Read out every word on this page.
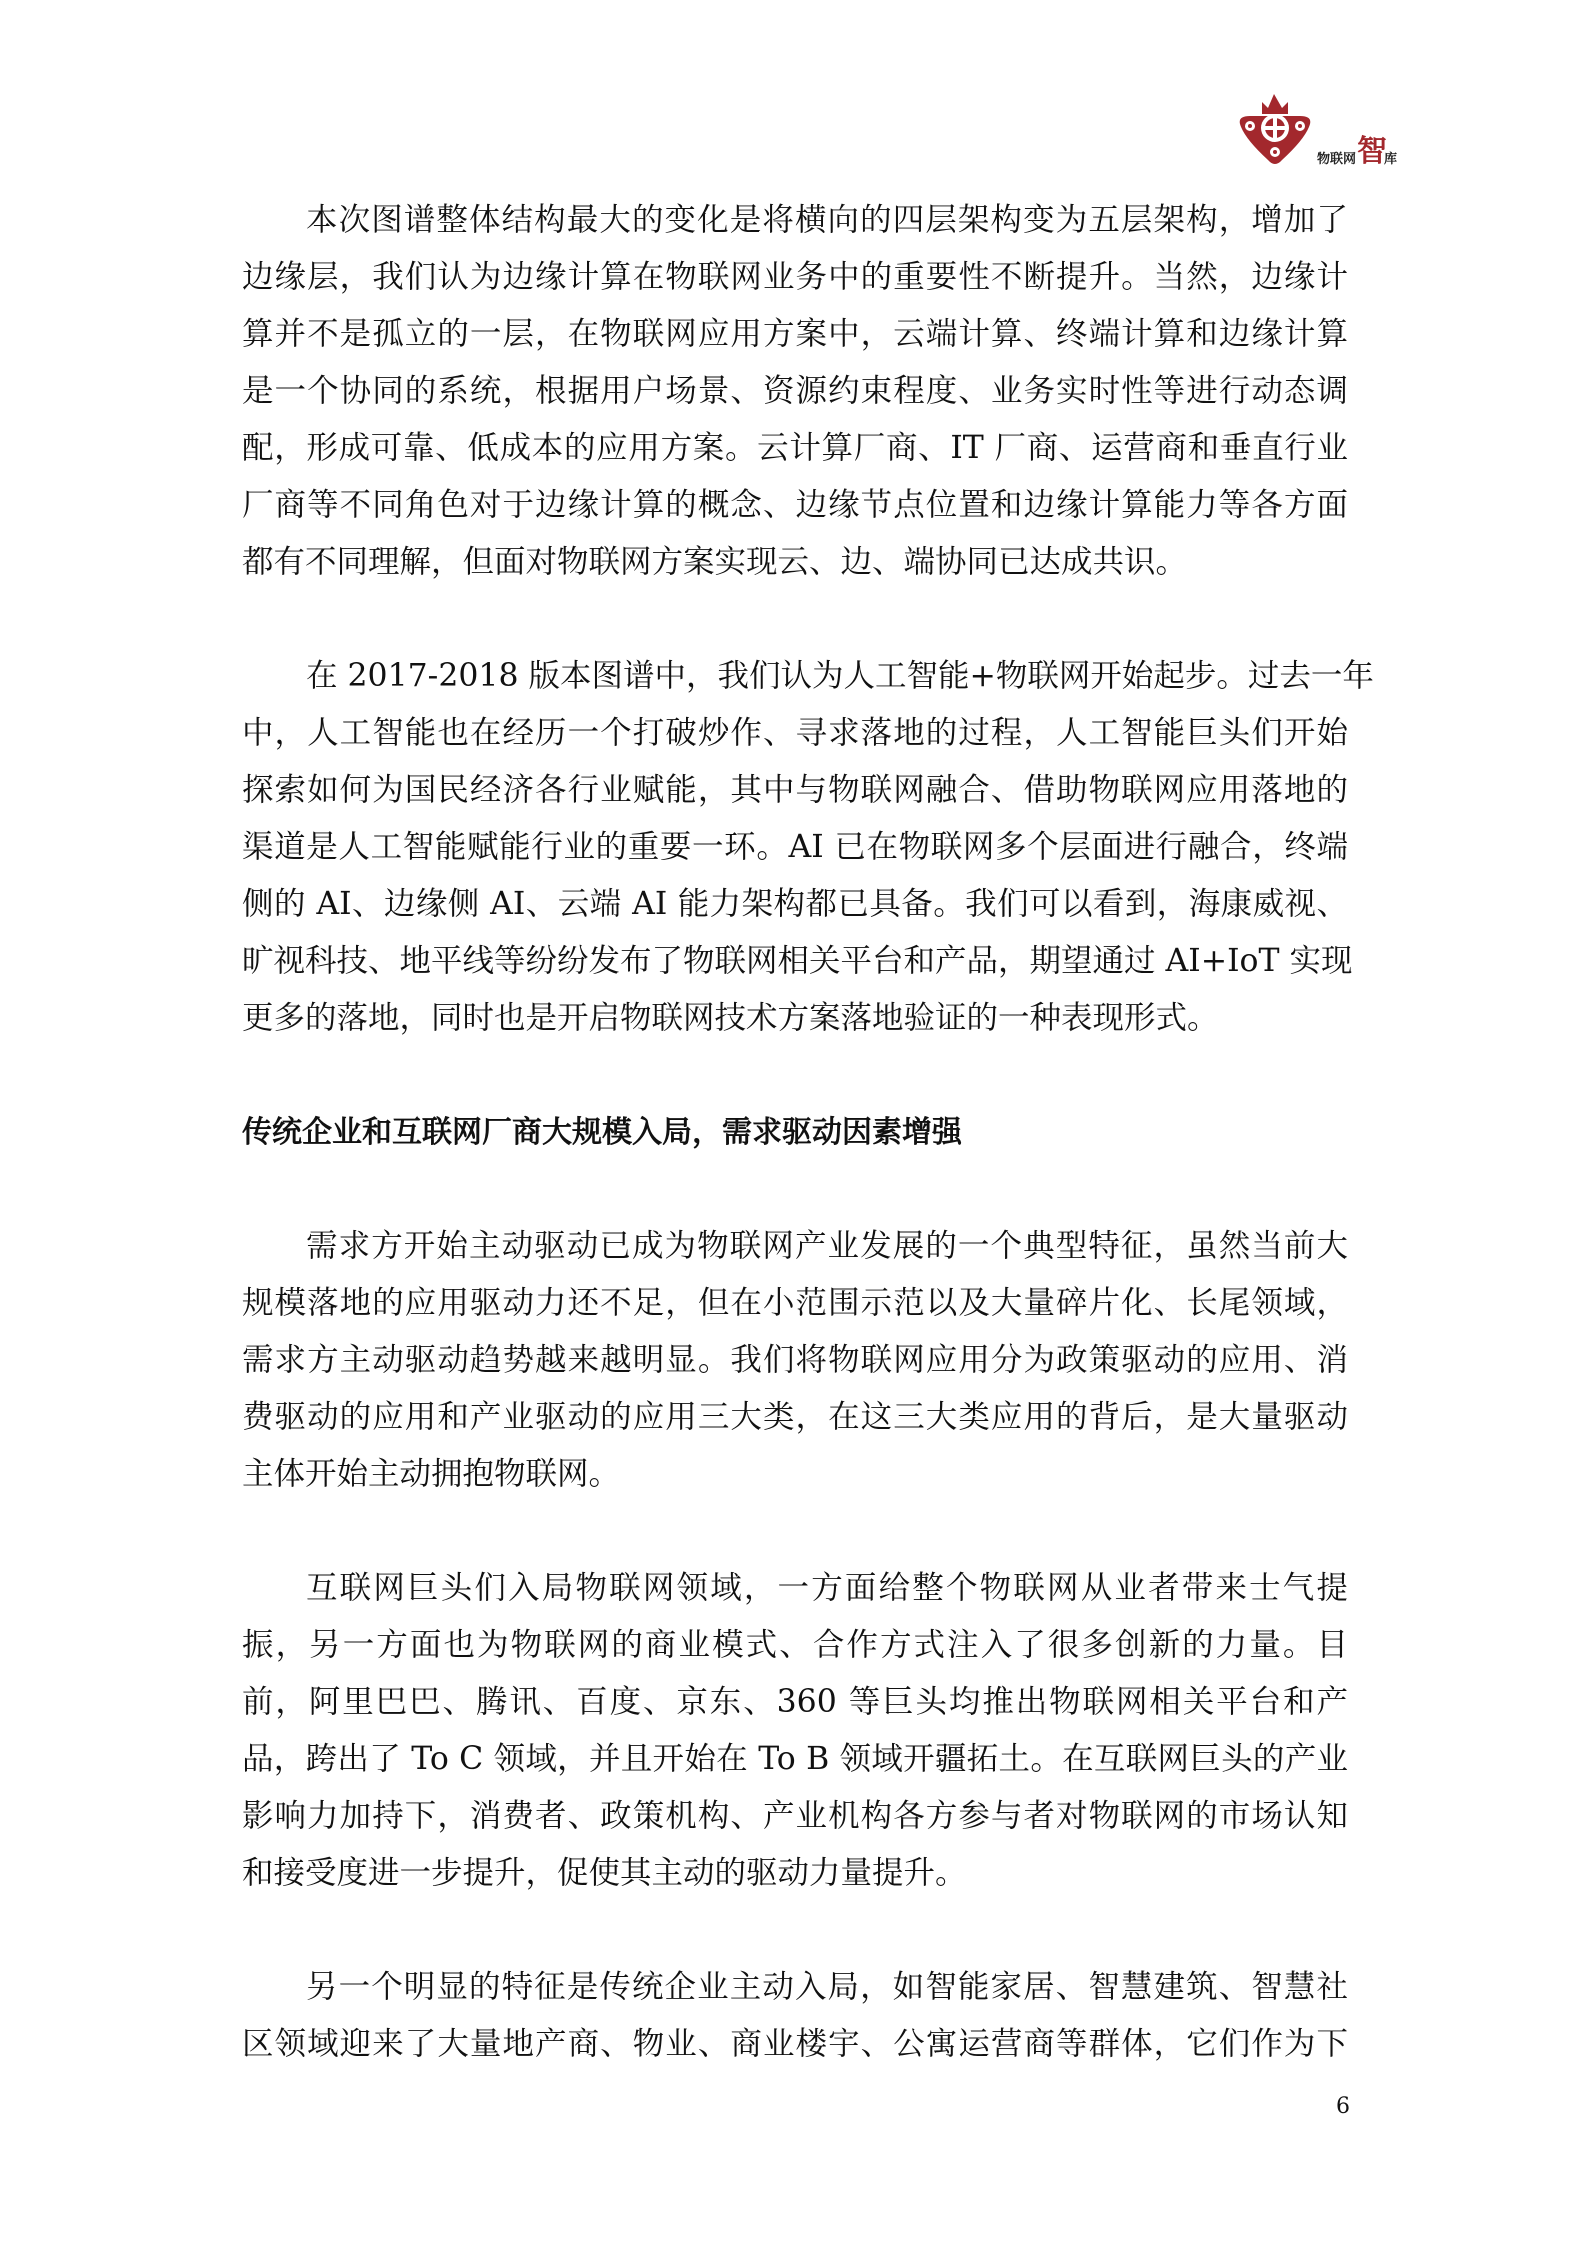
物联网 智
库
本次图谱整体结构最大的变化是将横向的四层架构变为五层架构，增加了
边缘层，我们认为边缘计算在物联网业务中的重要性不断提升。当然，边缘计
算并不是孤立的一层，在物联网应用方案中，云端计算、终端计算和边缘计算
是一个协同的系统，根据用户场景、资源约束程度、业务实时性等进行动态调
配，形成可靠、低成本的应用方案。云计算厂商、IT 厂商、运营商和垂直行业
厂商等不同角色对于边缘计算的概念、边缘节点位置和边缘计算能力等各方面
都有不同理解，但面对物联网方案实现云、边、端协同已达成共识。
在 2017-2018 版本图谱中，我们认为人工智能+物联网开始起步。过去一年
中，人工智能也在经历一个打破炒作、寻求落地的过程，人工智能巨头们开始
探索如何为国民经济各行业赋能，其中与物联网融合、借助物联网应用落地的
渠道是人工智能赋能行业的重要一环。AI 已在物联网多个层面进行融合，终端
侧的 AI、边缘侧 AI、云端 AI 能力架构都已具备。我们可以看到，海康威视、
旷视科技、地平线等纷纷发布了物联网相关平台和产品，期望通过 AI+IoT 实现
更多的落地，同时也是开启物联网技术方案落地验证的一种表现形式。
传统企业和互联网厂商大规模入局，需求驱动因素增强
需求方开始主动驱动已成为物联网产业发展的一个典型特征，虽然当前大
规模落地的应用驱动力还不足，但在小范围示范以及大量碎片化、长尾领域，
需求方主动驱动趋势越来越明显。我们将物联网应用分为政策驱动的应用、消
费驱动的应用和产业驱动的应用三大类，在这三大类应用的背后，是大量驱动
主体开始主动拥抱物联网。
互联网巨头们入局物联网领域，一方面给整个物联网从业者带来士气提
振，另一方面也为物联网的商业模式、合作方式注入了很多创新的力量。目
前，阿里巴巴、腾讯、百度、京东、360 等巨头均推出物联网相关平台和产
品，跨出了 To C 领域，并且开始在 To B 领域开疆拓土。在互联网巨头的产业
影响力加持下，消费者、政策机构、产业机构各方参与者对物联网的市场认知
和接受度进一步提升，促使其主动的驱动力量提升。
另一个明显的特征是传统企业主动入局，如智能家居、智慧建筑、智慧社
区领域迎来了大量地产商、物业、商业楼宇、公寓运营商等群体，它们作为下
6
